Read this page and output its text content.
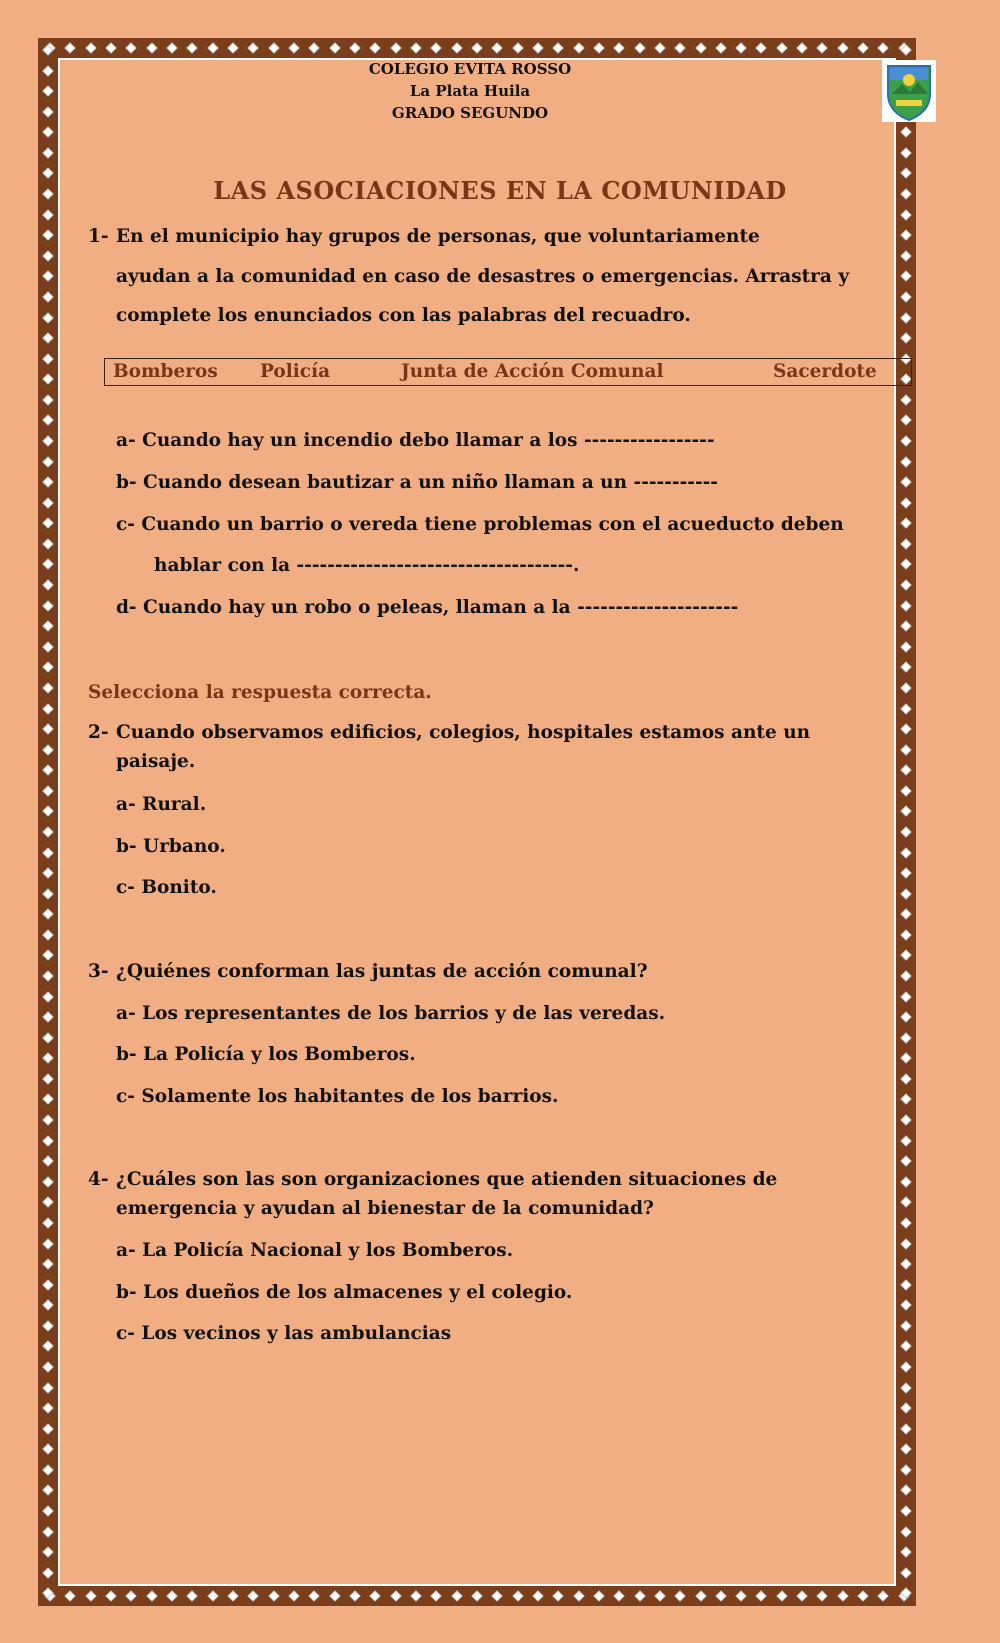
COLEGIO EVITA ROSSO
La Plata Huila
GRADO SEGUNDO
LAS ASOCIACIONES EN LA COMUNIDAD
1- En el municipio hay grupos de personas, que voluntariamente
ayudan a la comunidad en caso de desastres o emergencias. Arrastra y
complete los enunciados con las palabras del recuadro.
Bomberos Policía	Junta de Acción Comunal	Sacerdote
a- Cuando hay un incendio debo llamar a los -----------------
b- Cuando desean bautizar a un niño llaman a un -----------
c- Cuando un barrio o vereda tiene problemas con el acueducto deben
hablar con la ------------------------------------.
d- Cuando hay un robo o peleas, llaman a la ---------------------
Selecciona la respuesta correcta.
2- Cuando observamos edificios, colegios, hospitales estamos ante un
paisaje.
a- Rural.
b- Urbano.
c- Bonito.
3- ¿Quiénes conforman las juntas de acción comunal?
a- Los representantes de los barrios y de las veredas.
b- La Policía y los Bomberos.
c- Solamente los habitantes de los barrios.
4- ¿Cuáles son las son organizaciones que atienden situaciones de
emergencia y ayudan al bienestar de la comunidad?
a- La Policía Nacional y los Bomberos.
b- Los dueños de los almacenes y el colegio.
c- Los vecinos y las ambulancias
